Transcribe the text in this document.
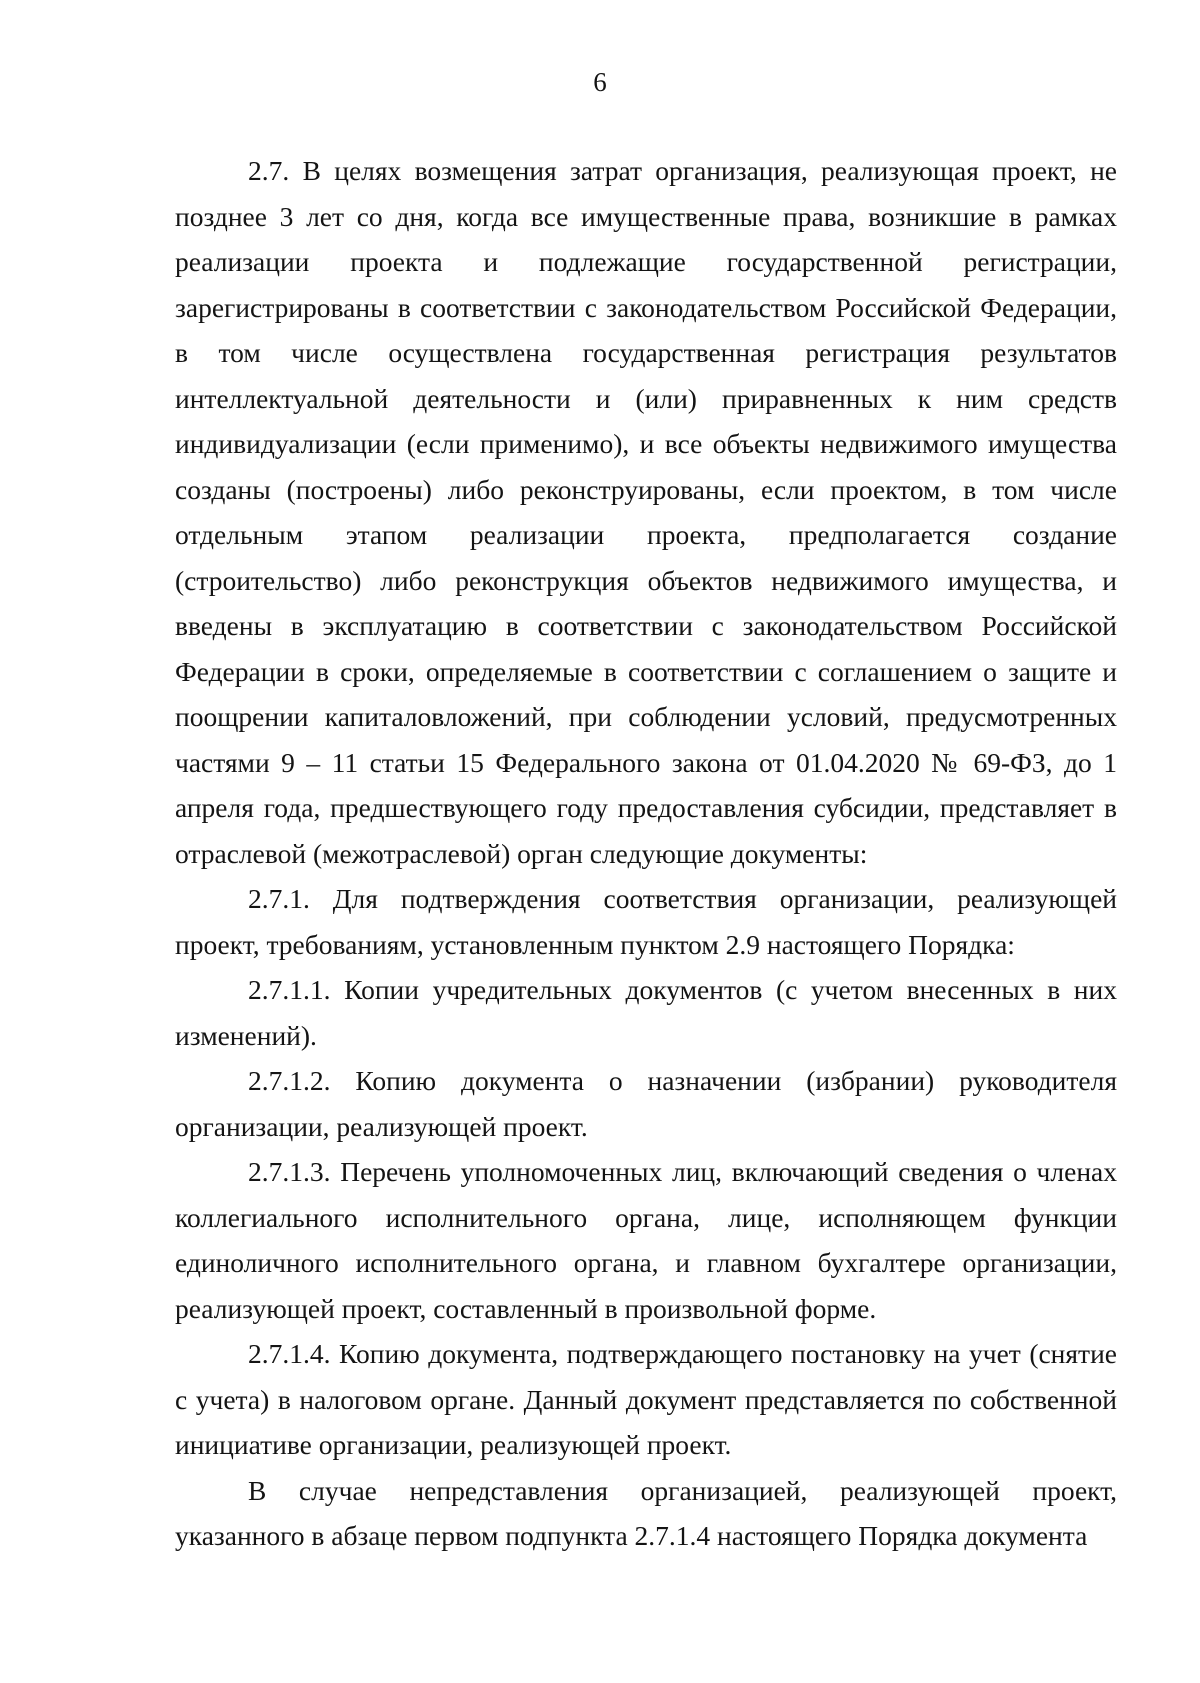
6

2.7. В целях возмещения затрат организация, реализующая проект, не позднее 3 лет со дня, когда все имущественные права, возникшие в рамках реализации проекта и подлежащие государственной регистрации, зарегистрированы в соответствии с законодательством Российской Федерации, в том числе осуществлена государственная регистрация результатов интеллектуальной деятельности и (или) приравненных к ним средств индивидуализации (если применимо), и все объекты недвижимого имущества созданы (построены) либо реконструированы, если проектом, в том числе отдельным этапом реализации проекта, предполагается создание (строительство) либо реконструкция объектов недвижимого имущества, и введены в эксплуатацию в соответствии с законодательством Российской Федерации в сроки, определяемые в соответствии с соглашением о защите и поощрении капиталовложений, при соблюдении условий, предусмотренных частями 9 – 11 статьи 15 Федерального закона от 01.04.2020 № 69-ФЗ, до 1 апреля года, предшествующего году предоставления субсидии, представляет в отраслевой (межотраслевой) орган следующие документы:

2.7.1. Для подтверждения соответствия организации, реализующей проект, требованиям, установленным пунктом 2.9 настоящего Порядка:

2.7.1.1. Копии учредительных документов (с учетом внесенных в них изменений).

2.7.1.2. Копию документа о назначении (избрании) руководителя организации, реализующей проект.

2.7.1.3. Перечень уполномоченных лиц, включающий сведения о членах коллегиального исполнительного органа, лице, исполняющем функции единоличного исполнительного органа, и главном бухгалтере организации, реализующей проект, составленный в произвольной форме.

2.7.1.4. Копию документа, подтверждающего постановку на учет (снятие с учета) в налоговом органе. Данный документ представляется по собственной инициативе организации, реализующей проект.

В случае непредставления организацией, реализующей проект, указанного в абзаце первом подпункта 2.7.1.4 настоящего Порядка документа
